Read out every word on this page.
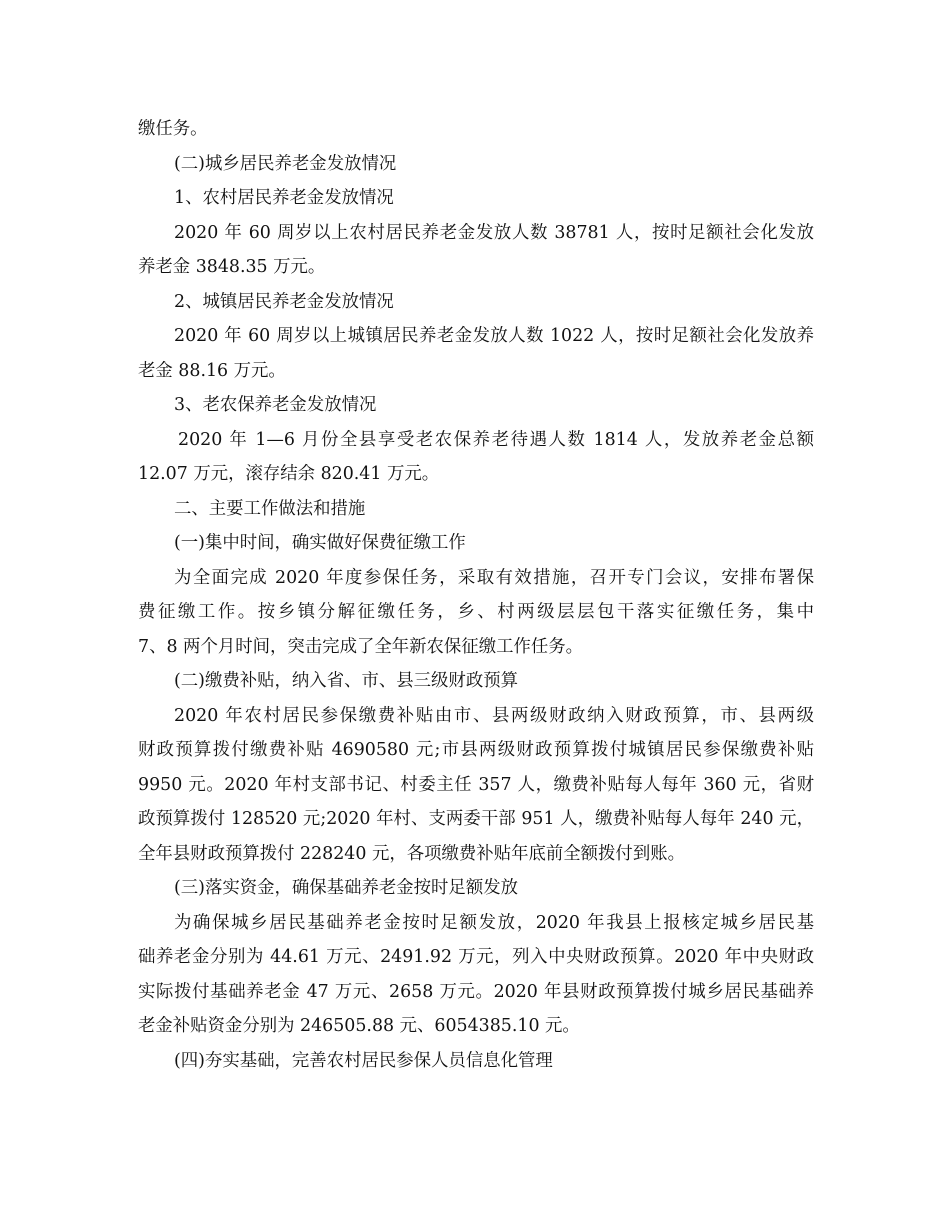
缴任务。

(二)城乡居民养老金发放情况

1、农村居民养老金发放情况

2020 年 60 周岁以上农村居民养老金发放人数 38781 人，按时足额社会化发放

养老金 3848.35 万元。

2、城镇居民养老金发放情况

2020 年 60 周岁以上城镇居民养老金发放人数 1022 人，按时足额社会化发放养

老金 88.16 万元。

3、老农保养老金发放情况

2020 年 1—6 月份全县享受老农保养老待遇人数 1814 人，发放养老金总额

12.07 万元，滚存结余 820.41 万元。

二、主要工作做法和措施

(一)集中时间，确实做好保费征缴工作

为全面完成 2020 年度参保任务，采取有效措施，召开专门会议，安排布署保

费征缴工作。按乡镇分解征缴任务，乡、村两级层层包干落实征缴任务，集中

7、8 两个月时间，突击完成了全年新农保征缴工作任务。

(二)缴费补贴，纳入省、市、县三级财政预算

2020 年农村居民参保缴费补贴由市、县两级财政纳入财政预算，市、县两级

财政预算拨付缴费补贴 4690580 元;市县两级财政预算拨付城镇居民参保缴费补贴

9950 元。2020 年村支部书记、村委主任 357 人，缴费补贴每人每年 360 元，省财

政预算拨付 128520 元;2020 年村、支两委干部 951 人，缴费补贴每人每年 240 元，

全年县财政预算拨付 228240 元，各项缴费补贴年底前全额拨付到账。

(三)落实资金，确保基础养老金按时足额发放

为确保城乡居民基础养老金按时足额发放，2020 年我县上报核定城乡居民基

础养老金分别为 44.61 万元、2491.92 万元，列入中央财政预算。2020 年中央财政

实际拨付基础养老金 47 万元、2658 万元。2020 年县财政预算拨付城乡居民基础养

老金补贴资金分别为 246505.88 元、6054385.10 元。

(四)夯实基础，完善农村居民参保人员信息化管理
